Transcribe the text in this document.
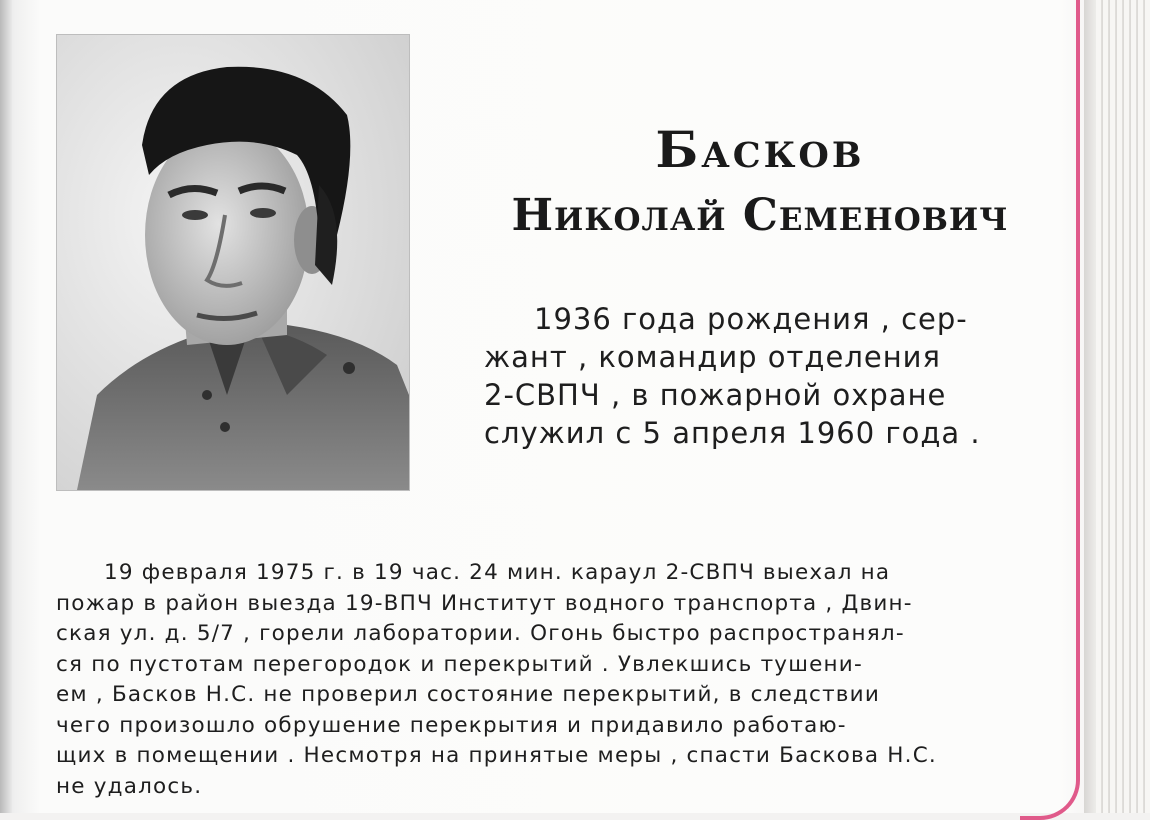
Басков
Николай Семенович
1936 года рождения , сер-
жант , командир отделения
2-СВПЧ , в пожарной охране
служил с 5 апреля 1960 года .
19 февраля 1975 г. в 19 час. 24 мин. караул 2-СВПЧ выехал на
пожар в район выезда 19-ВПЧ Институт водного транспорта , Двин-
ская ул. д. 5/7 , горели лаборатории. Огонь быстро распространял-
ся по пустотам перегородок и перекрытий . Увлекшись тушени-
ем , Басков Н.С. не проверил состояние перекрытий, в следствии
чего произошло обрушение перекрытия и придавило работаю-
щих в помещении . Несмотря на принятые меры , спасти Баскова Н.С.
не удалось.
